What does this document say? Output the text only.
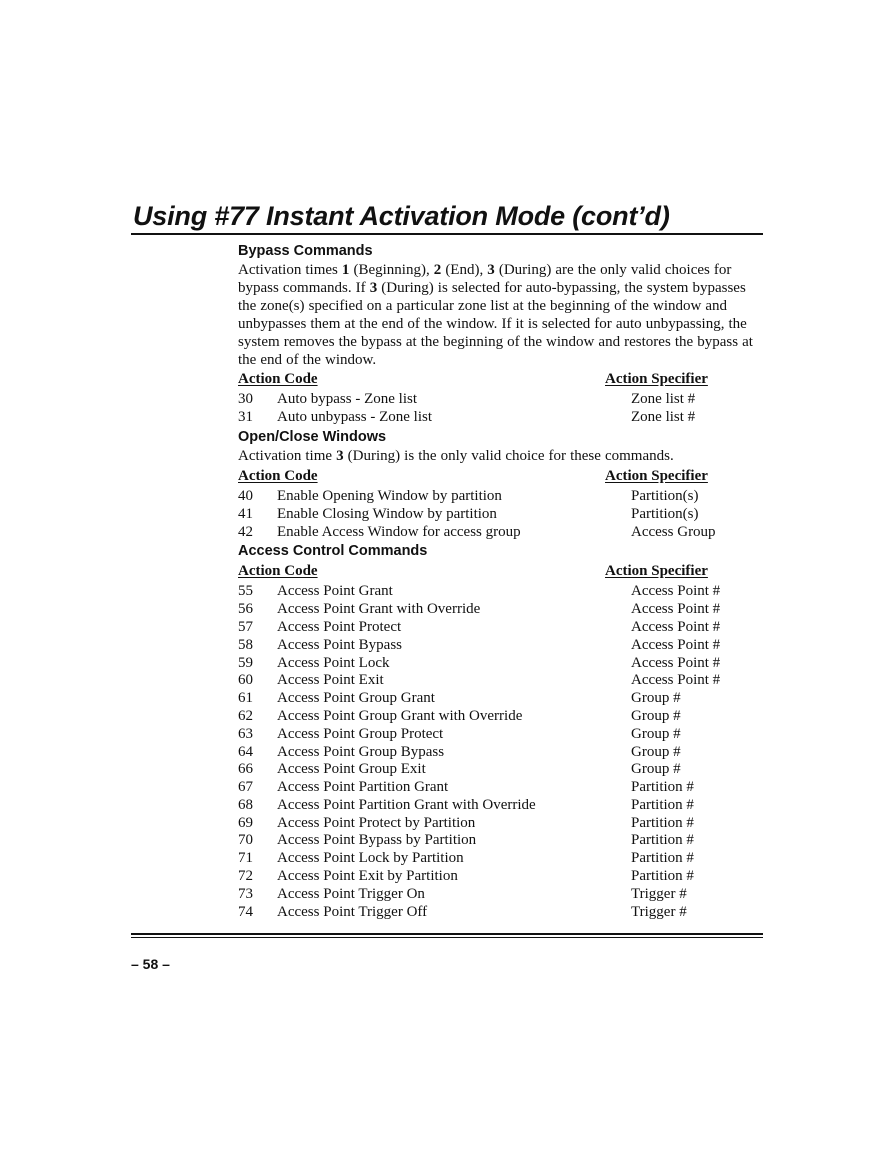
Using #77 Instant Activation Mode (cont’d)
Bypass Commands

Activation times 1 (Beginning), 2 (End), 3 (During) are the only valid choices for bypass commands. If 3 (During) is selected for auto-bypassing, the system bypasses the zone(s) specified on a particular zone list at the beginning of the window and unbypasses them at the end of the window. If it is selected for auto unbypassing, the system removes the bypass at the beginning of the window and restores the bypass at the end of the window.

Action Code	Action Specifier
30 Auto bypass - Zone list	Zone list #
31 Auto unbypass - Zone list	Zone list #
Open/Close Windows

Activation time 3 (During) is the only valid choice for these commands.

Action Code	Action Specifier
40 Enable Opening Window by partition	Partition(s)
41 Enable Closing Window by partition	Partition(s)
42 Enable Access Window for access group	Access Group
Access Control Commands
Action Code	Action Specifier
55 Access Point Grant	Access Point #
56 Access Point Grant with Override	Access Point #
57 Access Point Protect	Access Point #
58 Access Point Bypass	Access Point #
59 Access Point Lock	Access Point #
60 Access Point Exit	Access Point #
61 Access Point Group Grant	Group #
62 Access Point Group Grant with Override	Group #
63 Access Point Group Protect	Group #
64 Access Point Group Bypass	Group #
66 Access Point Group Exit	Group #
67 Access Point Partition Grant	Partition #
68 Access Point Partition Grant with Override	Partition #
69 Access Point Protect by Partition	Partition #
70 Access Point Bypass by Partition	Partition #
71 Access Point Lock by Partition	Partition #
72 Access Point Exit by Partition	Partition #
73 Access Point Trigger On	Trigger #
74 Access Point Trigger Off	Trigger #
– 58 –
